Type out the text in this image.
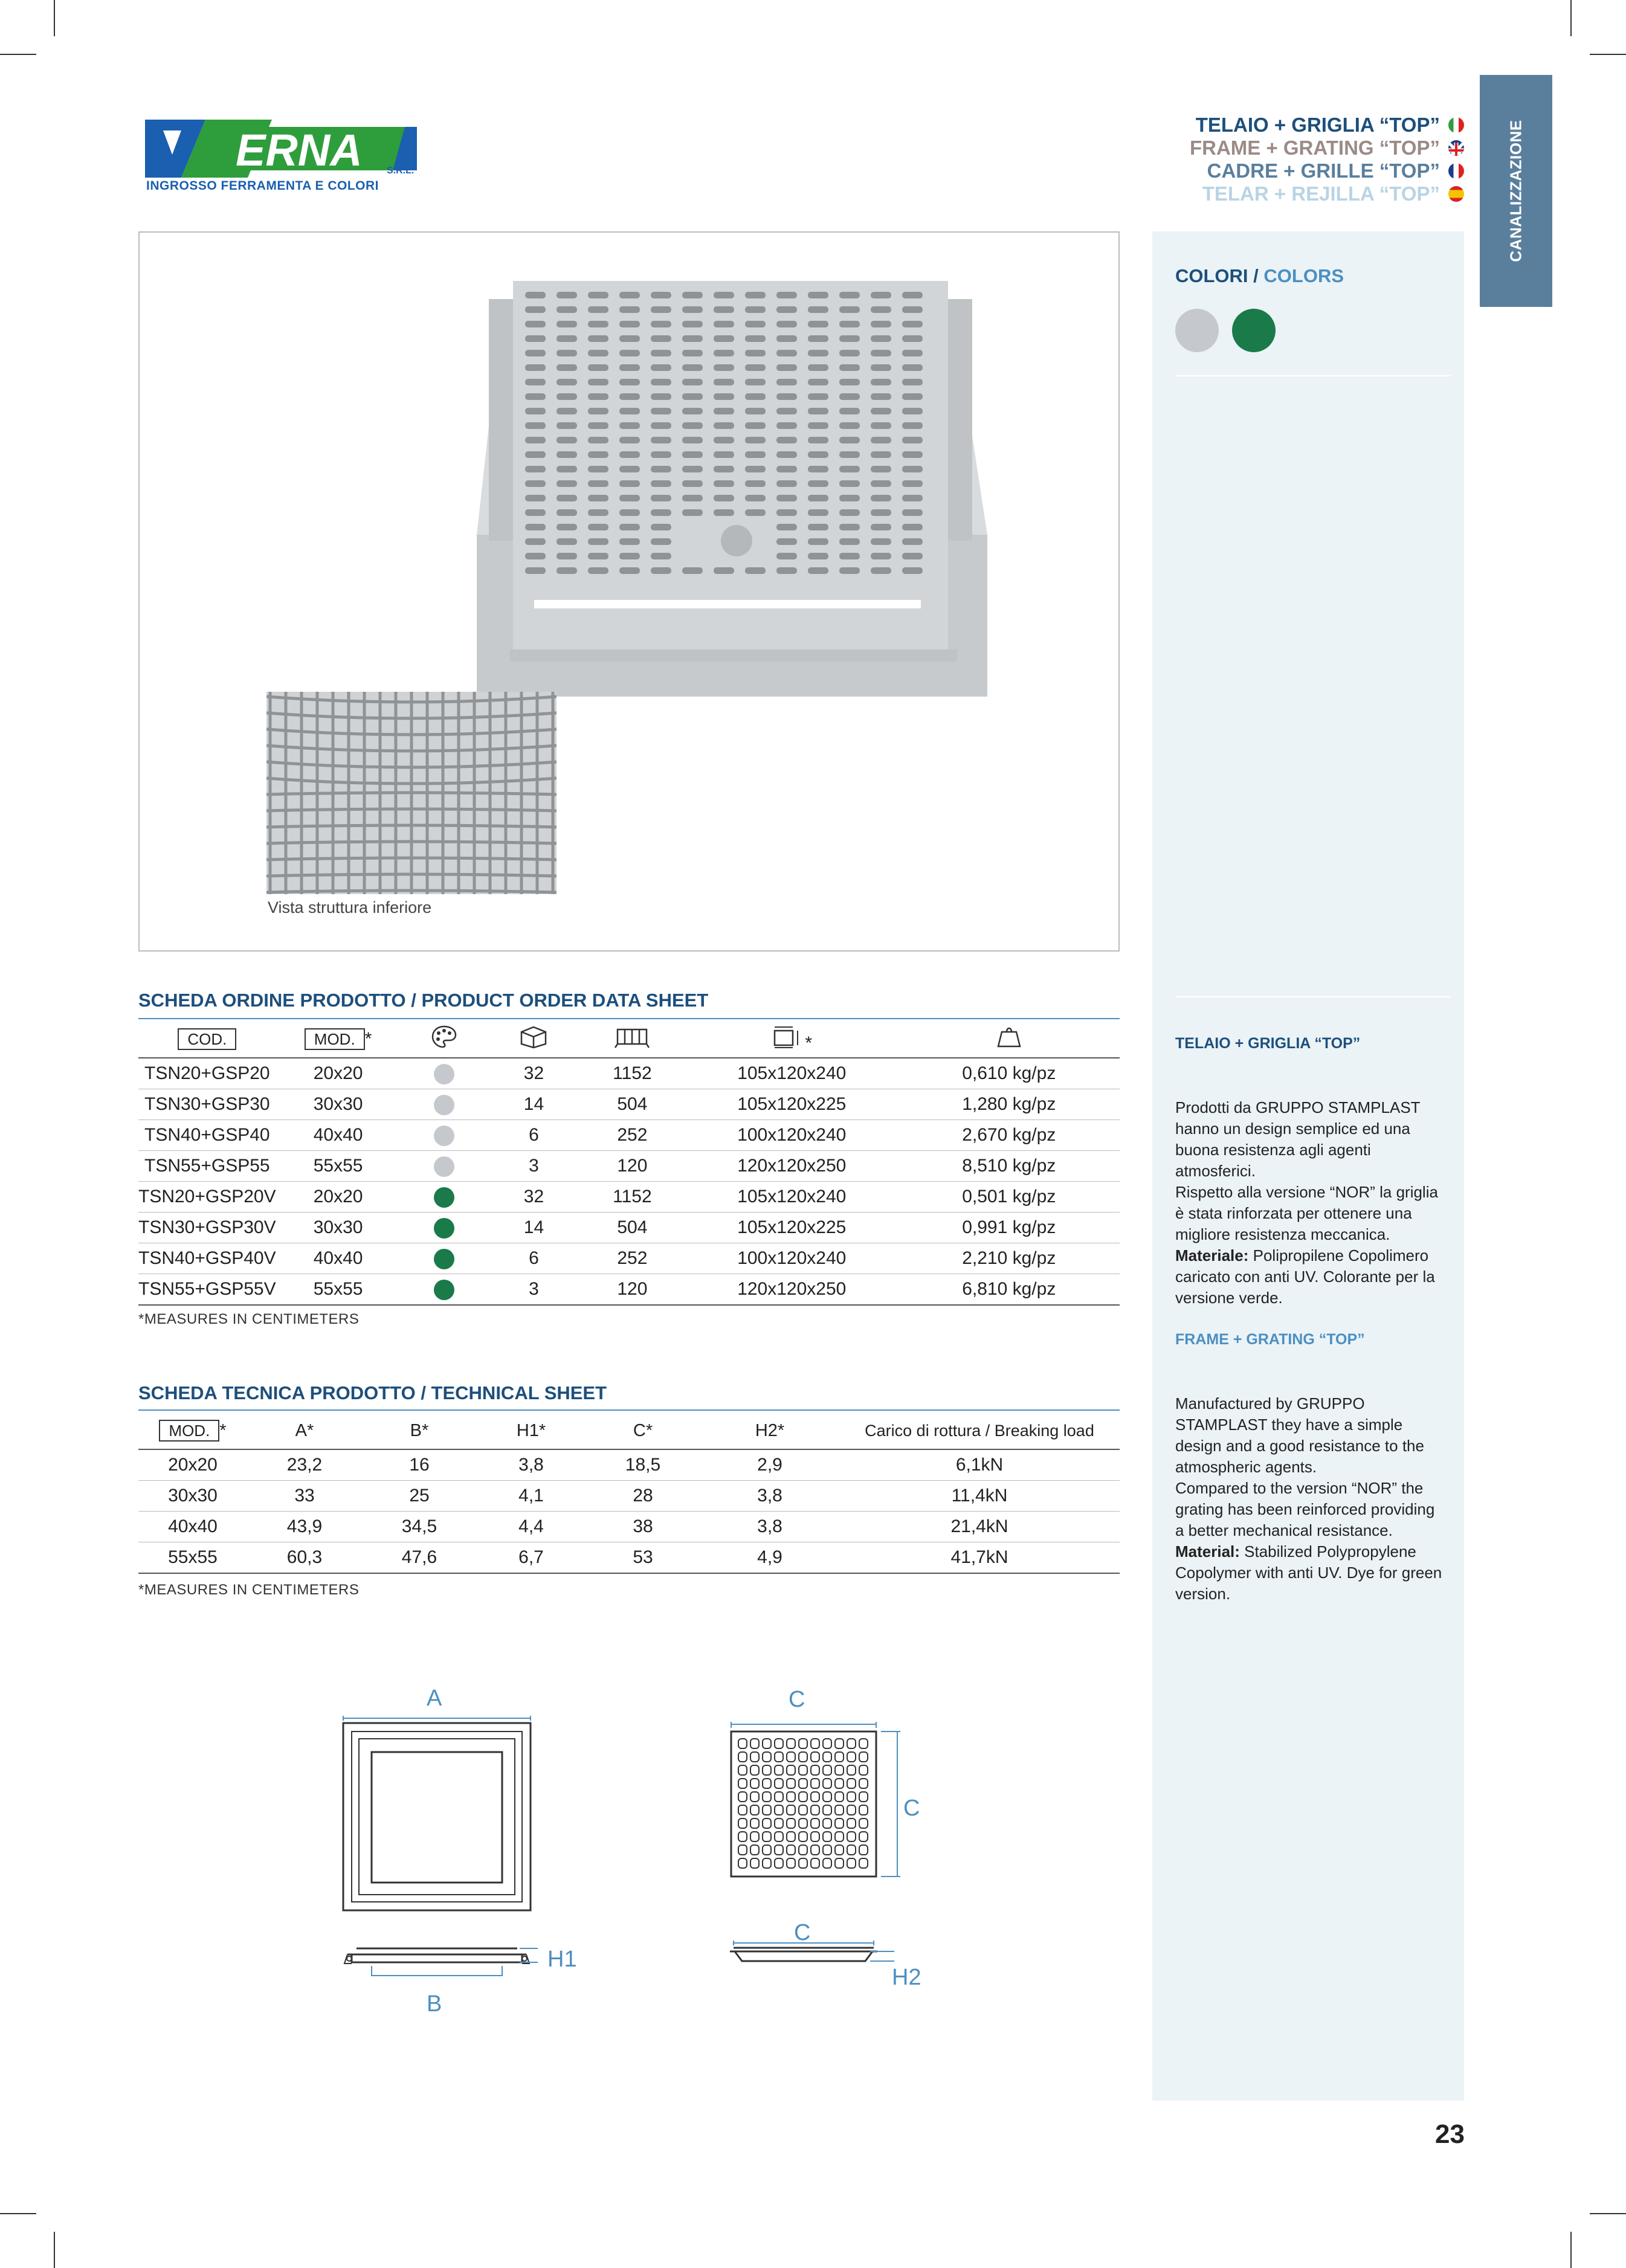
ERNA	S.R.L.
INGROSSO FERRAMENTA E COLORI
TELAIO + GRIGLIA “TOP”
FRAME + GRATING “TOP”
CADRE + GRILLE “TOP”
TELAR + REJILLA “TOP”	CANALIZZAZIONE
COLORI / COLORS
TELAIO + GRIGLIA “TOP”

Prodotti da GRUPPO STAMPLAST hanno un design semplice ed una buona resistenza agli agenti atmosferici.
Rispetto alla versione “NOR” la griglia è stata rinforzata per ottenere una migliore resistenza meccanica.
Materiale: Polipropilene Copolimero caricato con anti UV. Colorante per la versione verde.

FRAME + GRATING “TOP”

Manufactured by GRUPPO STAMPLAST they have a simple design and a good resistance to the atmospheric agents.
Compared to the version “NOR” the grating has been reinforced providing a better mechanical resistance.
Material: Stabilized Polypropylene Copolymer with anti UV. Dye for green version.

Vista struttura inferiore
SCHEDA ORDINE PRODOTTO / PRODUCT ORDER DATA SHEET
COD.	MOD. *				*	
TSN20+GSP20	20x20		32	1152	105x120x240	0,610 kg/pz
TSN30+GSP30	30x30		14	504	105x120x225	1,280 kg/pz
TSN40+GSP40	40x40		6	252	100x120x240	2,670 kg/pz
TSN55+GSP55	55x55		3	120	120x120x250	8,510 kg/pz
TSN20+GSP20V	20x20		32	1152	105x120x240	0,501 kg/pz
TSN30+GSP30V	30x30		14	504	105x120x225	0,991 kg/pz
TSN40+GSP40V	40x40		6	252	100x120x240	2,210 kg/pz
TSN55+GSP55V	55x55		3	120	120x120x250	6,810 kg/pz
*MEASURES IN CENTIMETERS
SCHEDA TECNICA PRODOTTO / TECHNICAL SHEET
MOD. *	A*	B*	H1*	C*	H2*	Carico di rottura / Breaking load
20x20	23,2	16	3,8	18,5	2,9	6,1kN
30x30	33	25	4,1	28	3,8	11,4kN
40x40	43,9	34,5	4,4	38	3,8	21,4kN
55x55	60,3	47,6	6,7	53	4,9	41,7kN
*MEASURES IN CENTIMETERS
A
H1
B
C
C
C
H2
23
